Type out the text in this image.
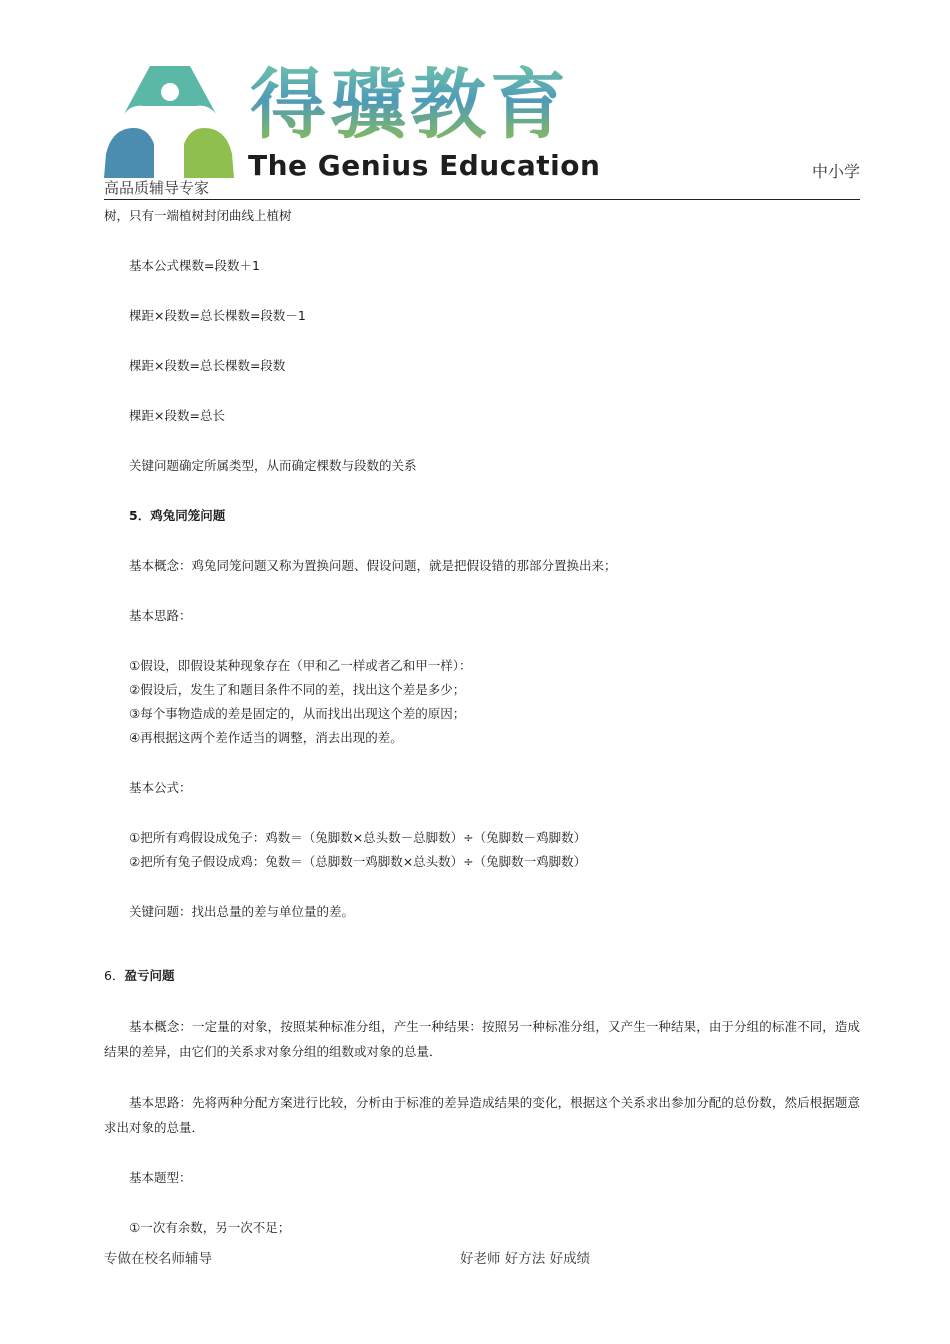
得骥教育
The Genius Education
高品质辅导专家
中小学

树，只有一端植树封闭曲线上植树

基本公式棵数=段数＋1

棵距×段数=总长棵数=段数－1

棵距×段数=总长棵数=段数

棵距×段数=总长

关键问题确定所属类型，从而确定棵数与段数的关系

5．鸡兔同笼问题

基本概念：鸡兔同笼问题又称为置换问题、假设问题，就是把假设错的那部分置换出来；

基本思路：

①假设，即假设某种现象存在（甲和乙一样或者乙和甲一样）：

②假设后，发生了和题目条件不同的差，找出这个差是多少；

③每个事物造成的差是固定的，从而找出出现这个差的原因；

④再根据这两个差作适当的调整，消去出现的差。

基本公式：

①把所有鸡假设成兔子：鸡数＝（兔脚数×总头数－总脚数）÷（兔脚数－鸡脚数）

②把所有兔子假设成鸡：兔数＝（总脚数一鸡脚数×总头数）÷（兔脚数一鸡脚数）

关键问题：找出总量的差与单位量的差。

6．盈亏问题

基本概念：一定量的对象，按照某种标准分组，产生一种结果：按照另一种标准分组，又产生一种结果，由于分组的标准不同，造成结果的差异，由它们的关系求对象分组的组数或对象的总量．

基本思路：先将两种分配方案进行比较，分析由于标准的差异造成结果的变化，根据这个关系求出参加分配的总份数，然后根据题意求出对象的总量．

基本题型：

①一次有余数，另一次不足；

专做在校名师辅导	好老师 好方法 好成绩
